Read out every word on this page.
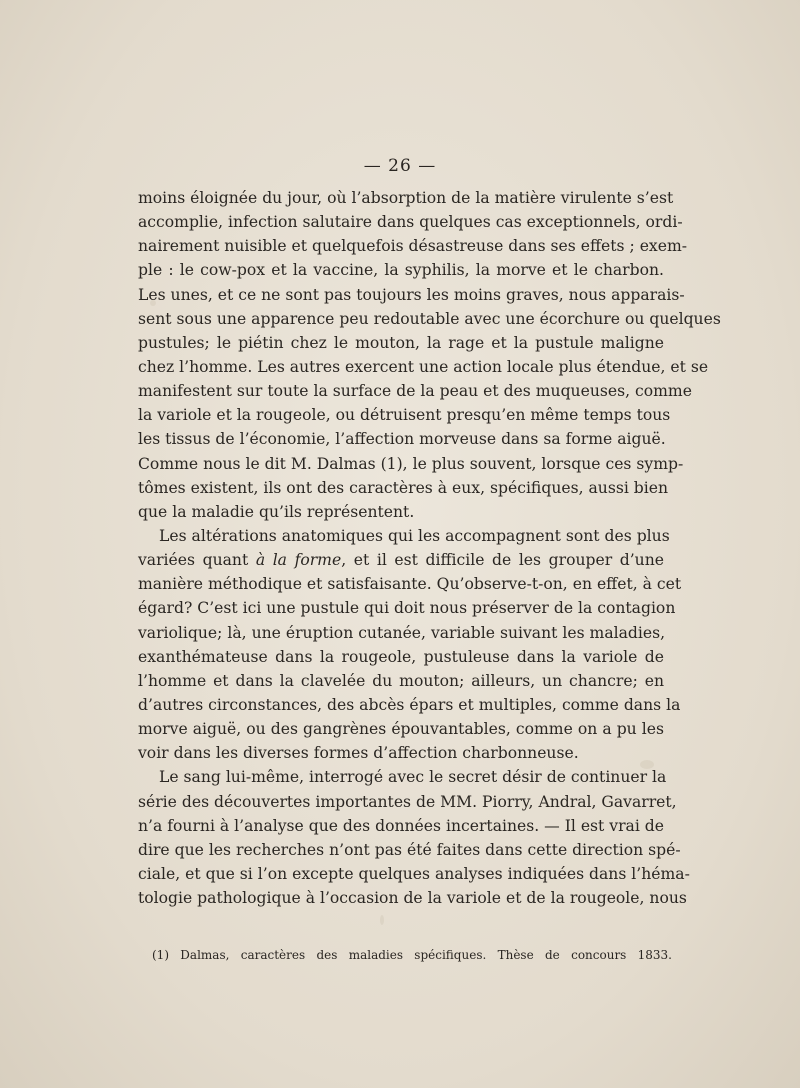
— 26 —
moins éloignée du jour, où l’absorption de la matière virulente s’est
accomplie, infection salutaire dans quelques cas exceptionnels, ordi-
nairement nuisible et quelquefois désastreuse dans ses effets ; exem-
ple : le cow-pox et la vaccine, la syphilis, la morve et le charbon.
Les unes, et ce ne sont pas toujours les moins graves, nous apparais-
sent sous une apparence peu redoutable avec une écorchure ou quelques
pustules; le piétin chez le mouton, la rage et la pustule maligne
chez l’homme. Les autres exercent une action locale plus étendue, et se
manifestent sur toute la surface de la peau et des muqueuses, comme
la variole et la rougeole, ou détruisent presqu’en même temps tous
les tissus de l’économie, l’affection morveuse dans sa forme aiguë.
Comme nous le dit M. Dalmas (1), le plus souvent, lorsque ces symp-
tômes existent, ils ont des caractères à eux, spécifiques, aussi bien
que la maladie qu’ils représentent.
Les altérations anatomiques qui les accompagnent sont des plus
variées quant à la forme, et il est difficile de les grouper d’une
manière méthodique et satisfaisante. Qu’observe-t-on, en effet, à cet
égard? C’est ici une pustule qui doit nous préserver de la contagion
variolique; là, une éruption cutanée, variable suivant les maladies,
exanthémateuse dans la rougeole, pustuleuse dans la variole de
l’homme et dans la clavelée du mouton; ailleurs, un chancre; en
d’autres circonstances, des abcès épars et multiples, comme dans la
morve aiguë, ou des gangrènes épouvantables, comme on a pu les
voir dans les diverses formes d’affection charbonneuse.
Le sang lui-même, interrogé avec le secret désir de continuer la
série des découvertes importantes de MM. Piorry, Andral, Gavarret,
n’a fourni à l’analyse que des données incertaines. — Il est vrai de
dire que les recherches n’ont pas été faites dans cette direction spé-
ciale, et que si l’on excepte quelques analyses indiquées dans l’héma-
tologie pathologique à l’occasion de la variole et de la rougeole, nous
(1) Dalmas, caractères des maladies spécifiques. Thèse de concours 1833.
